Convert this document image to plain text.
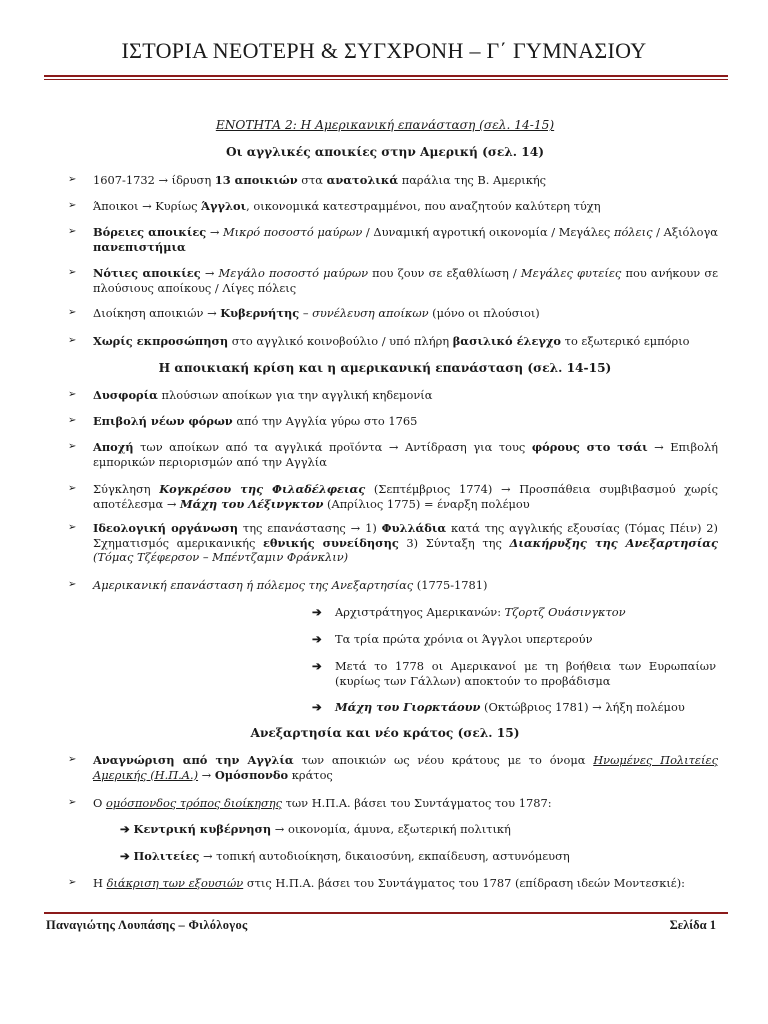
ΙΣΤΟΡΙΑ ΝΕΟΤΕΡΗ & ΣΥΓΧΡΟΝΗ – Γ΄ ΓΥΜΝΑΣΙΟΥ
ΕΝΟΤΗΤΑ 2: Η Αμερικανική επανάσταση (σελ. 14-15)
Οι αγγλικές αποικίες στην Αμερική (σελ. 14)
➢ 1607-1732 → ίδρυση 13 αποικιών στα ανατολικά παράλια της Β. Αμερικής
➢ Άποικοι → Κυρίως Άγγλοι, οικονομικά κατεστραμμένοι, που αναζητούν καλύτερη τύχη
➢ Βόρειες αποικίες → Μικρό ποσοστό μαύρων / Δυναμική αγροτική οικονομία / Μεγάλες πόλεις / Αξιόλογα πανεπιστήμια
➢ Νότιες αποικίες → Μεγάλο ποσοστό μαύρων που ζουν σε εξαθλίωση / Μεγάλες φυτείες που ανήκουν σε πλούσιους αποίκους / Λίγες πόλεις
➢ Διοίκηση αποικιών → Κυβερνήτης – συνέλευση αποίκων (μόνο οι πλούσιοι)
➢ Χωρίς εκπροσώπηση στο αγγλικό κοινοβούλιο / υπό πλήρη βασιλικό έλεγχο το εξωτερικό εμπόριο
Η αποικιακή κρίση και η αμερικανική επανάσταση (σελ. 14-15)
➢ Δυσφορία πλούσιων αποίκων για την αγγλική κηδεμονία
➢ Επιβολή νέων φόρων από την Αγγλία γύρω στο 1765
➢ Αποχή των αποίκων από τα αγγλικά προϊόντα → Αντίδραση για τους φόρους στο τσάι → Επιβολή εμπορικών περιορισμών από την Αγγλία
➢ Σύγκληση Κογκρέσου της Φιλαδέλφειας (Σεπτέμβριος 1774) → Προσπάθεια συμβιβασμού χωρίς αποτέλεσμα → Μάχη του Λέξινγκτον (Απρίλιος 1775) = έναρξη πολέμου
➢ Ιδεολογική οργάνωση της επανάστασης → 1) Φυλλάδια κατά της αγγλικής εξουσίας (Τόμας Πέιν) 2) Σχηματισμός αμερικανικής εθνικής συνείδησης 3) Σύνταξη της Διακήρυξης της Ανεξαρτησίας (Τόμας Τζέφερσον – Μπέντζαμιν Φράνκλιν)
➢ Αμερικανική επανάσταση ή πόλεμος της Ανεξαρτησίας (1775-1781)
➔ Αρχιστράτηγος Αμερικανών: Τζορτζ Ουάσινγκτον
➔ Τα τρία πρώτα χρόνια οι Άγγλοι υπερτερούν
➔ Μετά το 1778 οι Αμερικανοί με τη βοήθεια των Ευρωπαίων (κυρίως των Γάλλων) αποκτούν το προβάδισμα
➔ Μάχη του Γιορκτάουν (Οκτώβριος 1781) → λήξη πολέμου
Ανεξαρτησία και νέο κράτος (σελ. 15)
➢ Αναγνώριση από την Αγγλία των αποικιών ως νέου κράτους με το όνομα Ηνωμένες Πολιτείες Αμερικής (Η.Π.Α.) → Ομόσπονδο κράτος
➢ Ο ομόσπονδος τρόπος διοίκησης των Η.Π.Α. βάσει του Συντάγματος του 1787:
➔ Κεντρική κυβέρνηση → οικονομία, άμυνα, εξωτερική πολιτική
➔ Πολιτείες → τοπική αυτοδιοίκηση, δικαιοσύνη, εκπαίδευση, αστυνόμευση
➢ Η διάκριση των εξουσιών στις Η.Π.Α. βάσει του Συντάγματος του 1787 (επίδραση ιδεών Μοντεσκιέ):
Παναγιώτης Λουπάσης – Φιλόλογος	Σελίδα 1
